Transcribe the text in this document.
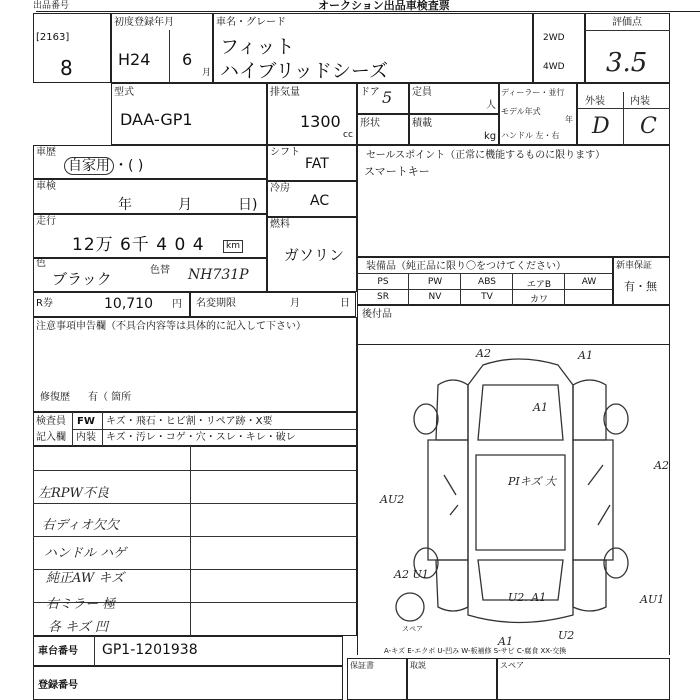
出品番号	オークション出品車検査票
[2163]
8
初度登録年月
H24 6
月
車名・グレード
フィット
ハイブリッドシーズ
2WD
4WD
評価点
3.5
型式
DAA-GP1
排気量
1300
cc
ドア 5 定員
人
形状	積載
kg
ディーラー・並行
モデル年式
年
ハンドル 左・右
外装	内装
D C
車歴
自家用 ・( )
車検
年	月	日)
走行
12万 6千 4 0 4	km
色
ブラック	色替 NH731P
R券	10,710 円 名変期限	月	日
シフト
FAT
冷房
AC
燃料
ガソリン
セールスポイント（正常に機能するものに限ります）
スマートキー
装備品（純正品に限り〇をつけてください）
PS	PW	ABS	エアB	AW
SR	NV	TV	カワ
新車保証
有・無
後付品
注意事項申告欄（不具合内容等は具体的に記入して下さい）
修復歴 有（ 箇所
検査員
記入欄
FW キズ・飛石・ヒビ割・リペア跡・X要
内装 キズ・汚レ・コゲ・穴・スレ・キレ・破レ
左RPW不良
右ディオ欠欠
ハンドル ハゲ
純正AW キズ
右ミラー 極
各 キズ 凹
A2	A1
A1
A2
AU2
PIキズ 大
A2 U1
U2. A1	AU1
A1	U2
スペア
A-キズ E-エクボ U-凹み W-板補修 S-サビ C-腐食 XX-交換
車台番号 GP1-1201938
登録番号
保証書	取説	スペア
